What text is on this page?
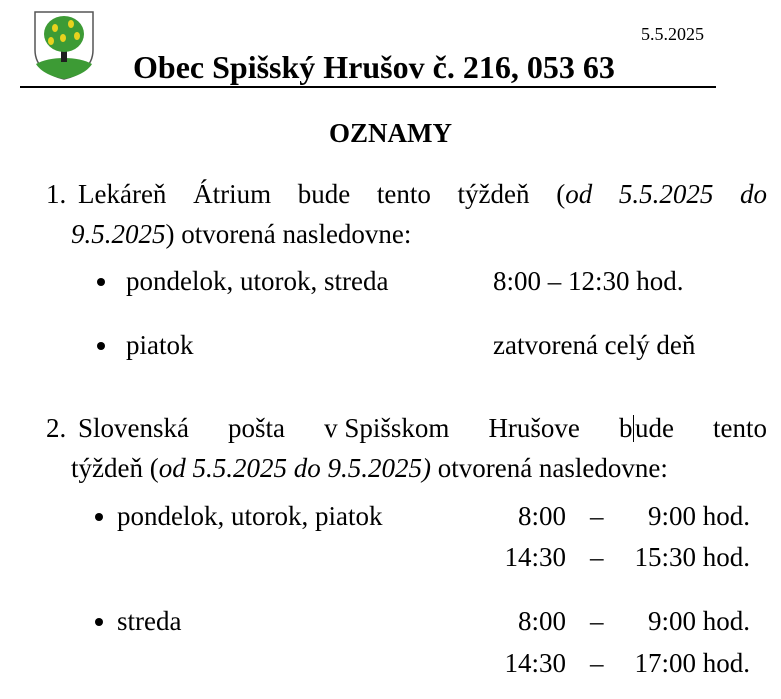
5.5.2025
Obec Spišský Hrušov č. 216, 053 63
OZNAMY
1. Lekáreň Átrium bude tento týždeň (od 5.5.2025 do
9.5.2025) otvorená nasledovne:
pondelok, utorok, streda	8:00 – 12:30 hod.
piatok	zatvorená celý deň
2. Slovenská pošta v Spišskom Hrušove bude tento
týždeň (od 5.5.2025 do 9.5.2025) otvorená nasledovne:
pondelok, utorok, piatok	8:00 –	9:00 hod.
14:30 –	15:30 hod.
streda	8:00 –	9:00 hod.
14:30 –	17:00 hod.
